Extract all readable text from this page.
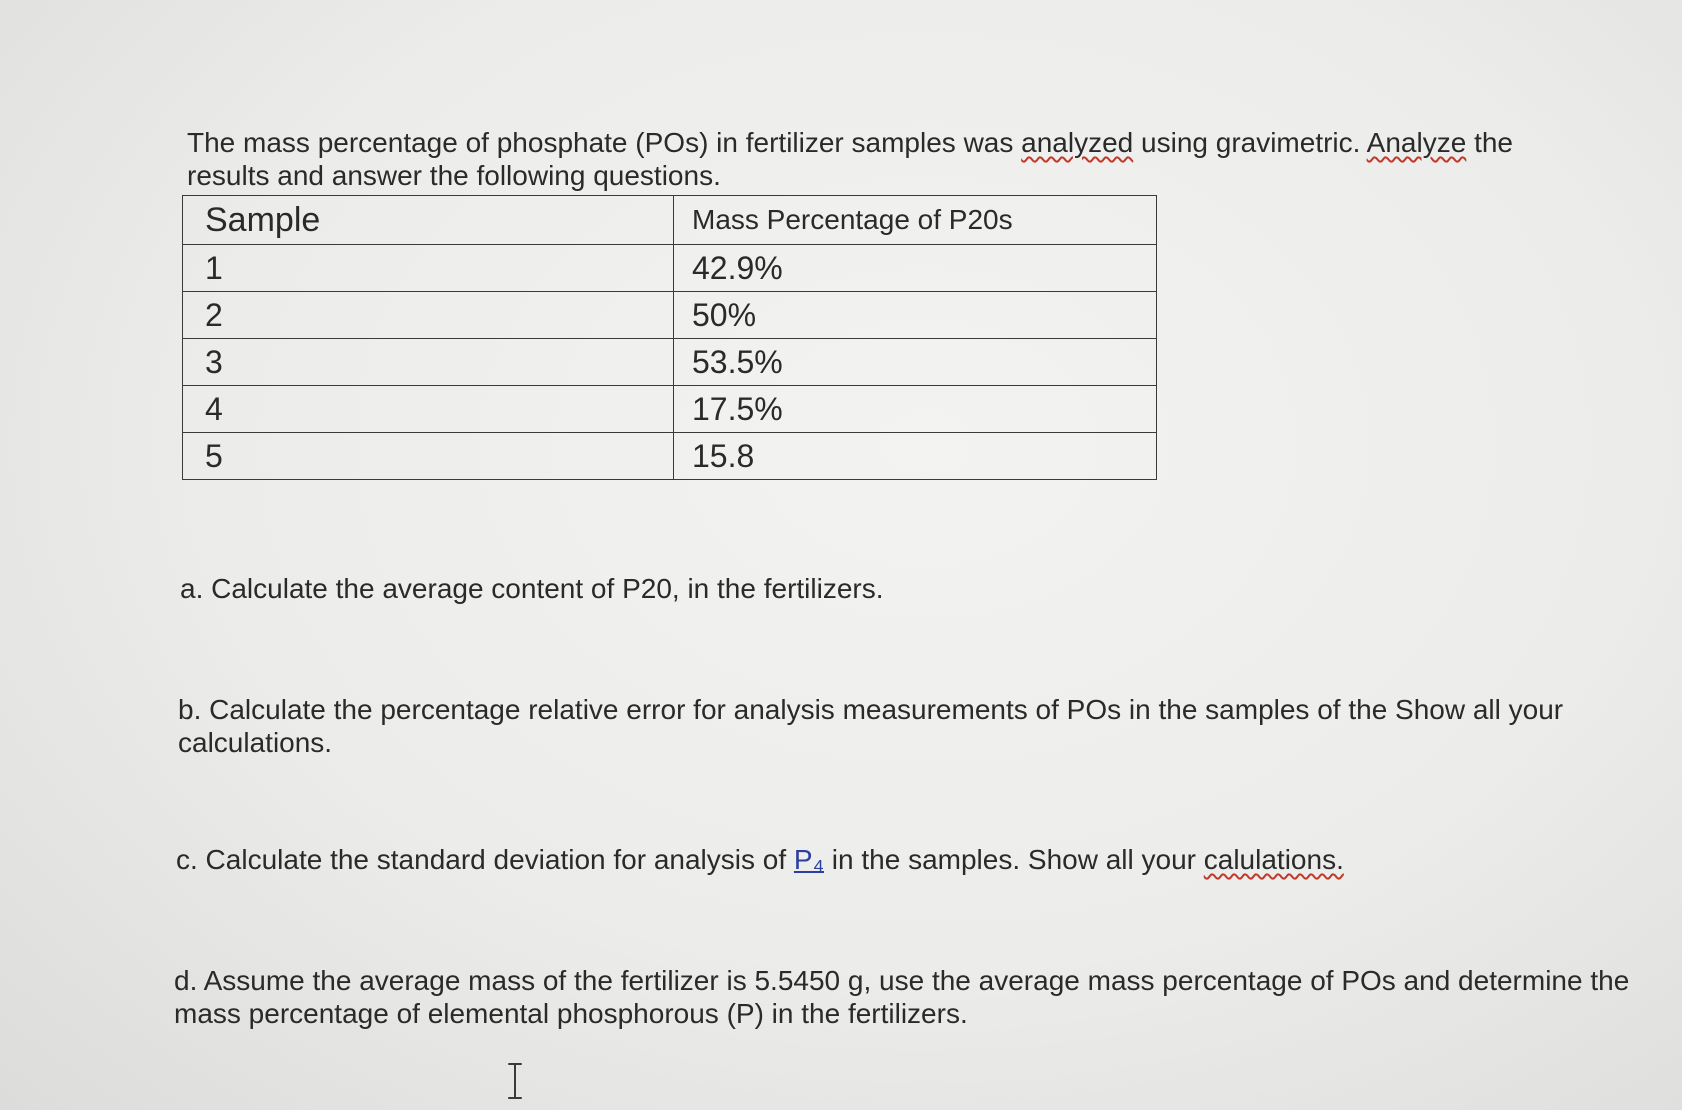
The mass percentage of phosphate (POs) in fertilizer samples was analyzed using gravimetric. Analyze the results and answer the following questions.

Sample	Mass Percentage of P20s
1	42.9%
2	50%
3	53.5%
4	17.5%
5	15.8

a. Calculate the average content of P20, in the fertilizers.

b. Calculate the percentage relative error for analysis measurements of POs in the samples of the Show all your calculations.

c. Calculate the standard deviation for analysis of P₄ in the samples. Show all your calulations.

d. Assume the average mass of the fertilizer is 5.5450 g, use the average mass percentage of POs and determine the mass percentage of elemental phosphorous (P) in the fertilizers.
